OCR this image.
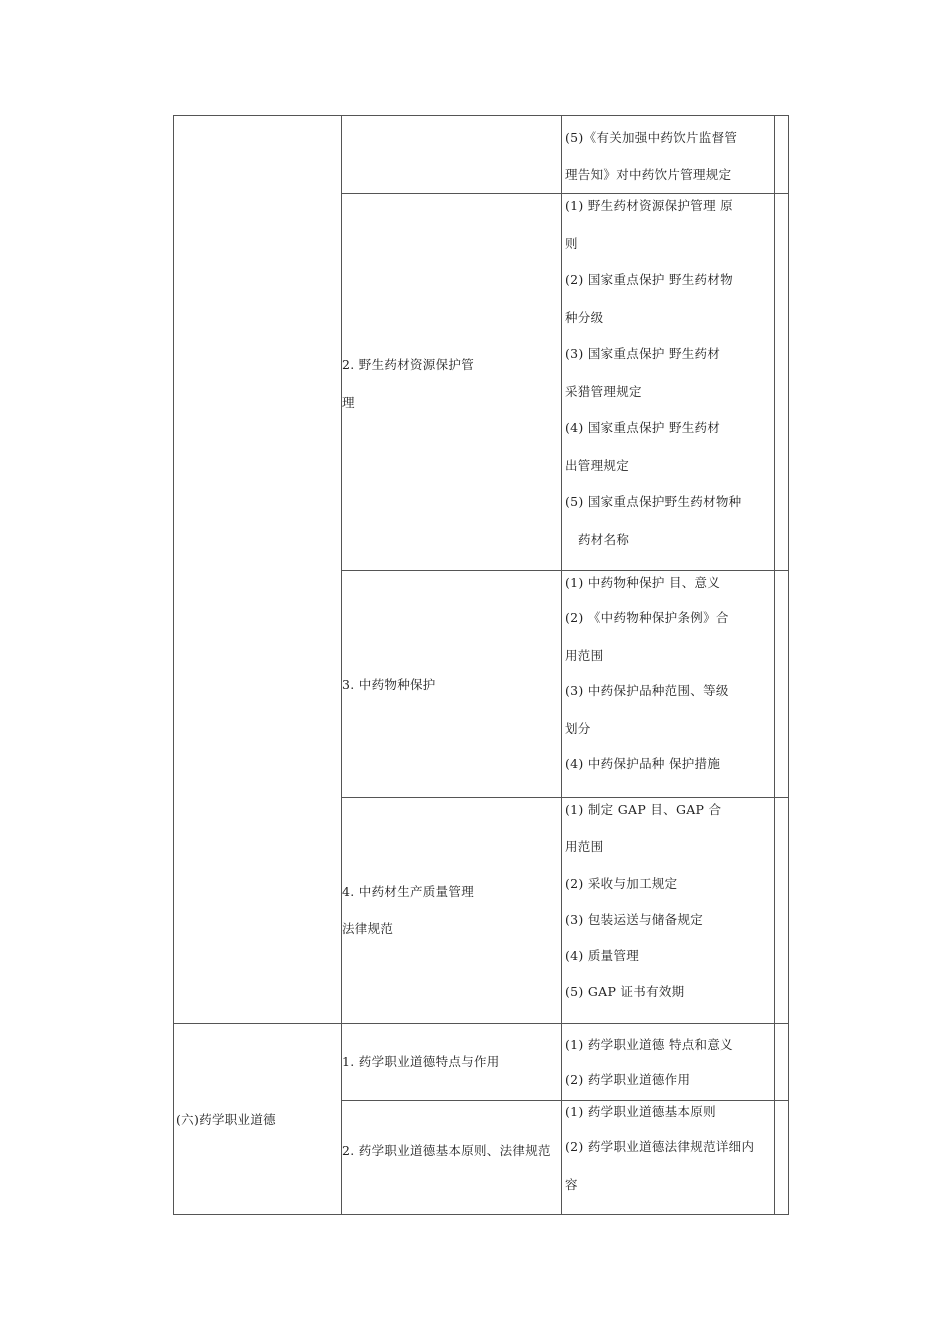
(5)《有关加强中药饮片监督管
理告知》对中药饮片管理规定
2. 野生药材资源保护管
理
(1) 野生药材资源保护管理 原
则
(2) 国家重点保护 野生药材物
种分级
(3) 国家重点保护 野生药材
采猎管理规定
(4) 国家重点保护 野生药材
出管理规定
(5) 国家重点保护野生药材物种
药材名称
3. 中药物种保护
(1) 中药物种保护 目、意义
(2) 《中药物种保护条例》合
用范围
(3) 中药保护品种范围、等级
划分
(4) 中药保护品种 保护措施
4. 中药材生产质量管理
法律规范
(1) 制定 GAP 目、GAP 合
用范围
(2) 采收与加工规定
(3) 包装运送与储备规定
(4) 质量管理
(5) GAP 证书有效期
(六)药学职业道德
1. 药学职业道德特点与作用
(1) 药学职业道德 特点和意义
(2) 药学职业道德作用
2. 药学职业道德基本原则、法律规范
(1) 药学职业道德基本原则
(2) 药学职业道德法律规范详细内
容
